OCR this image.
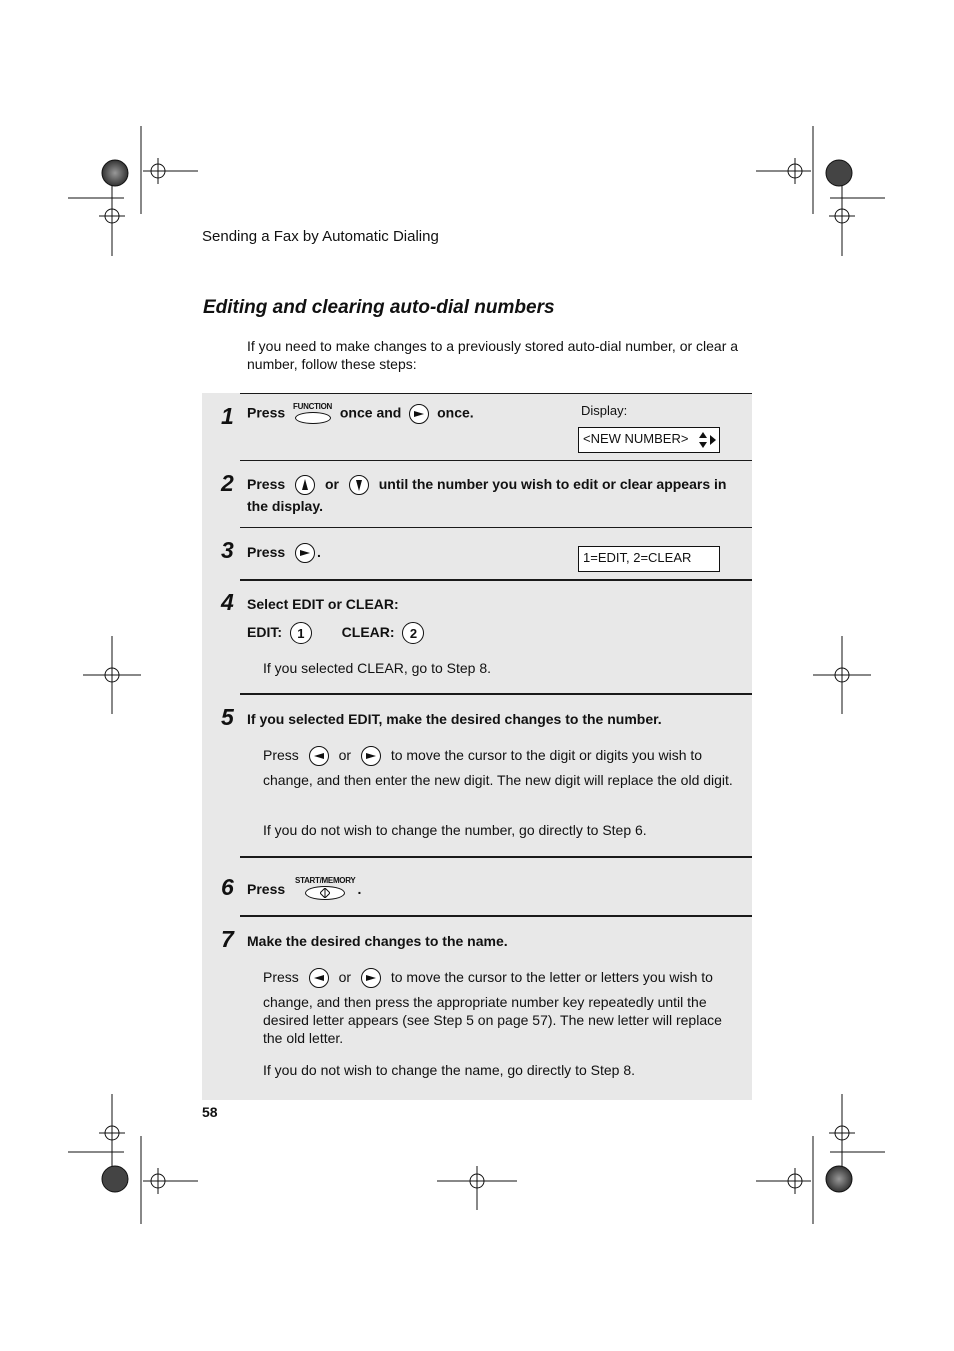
Sending a Fax by Automatic Dialing
Editing and clearing auto-dial numbers
If you need to make changes to a previously stored auto-dial number, or clear a number, follow these steps:
1 Press FUNCTION once and	once.	Display:
<NEW NUMBER>
2 Press	or	until the number you wish to edit or clear appears in
the display.
3 Press .	1=EDIT, 2=CLEAR
4 Select EDIT or CLEAR:
EDIT: 1	CLEAR: 2
If you selected CLEAR, go to Step 8.
5 If you selected EDIT, make the desired changes to the number.
Press	or	to move the cursor to the digit or digits you wish to
change, and then enter the new digit. The new digit will replace the old digit.
If you do not wish to change the number, go directly to Step 6.
6 Press
START/MEMORY
.
7 Make the desired changes to the name.
Press	or	to move the cursor to the letter or letters you wish to
change, and then press the appropriate number key repeatedly until the desired letter appears (see Step 5 on page 57). The new letter will replace the old letter.
If you do not wish to change the name, go directly to Step 8.
58
